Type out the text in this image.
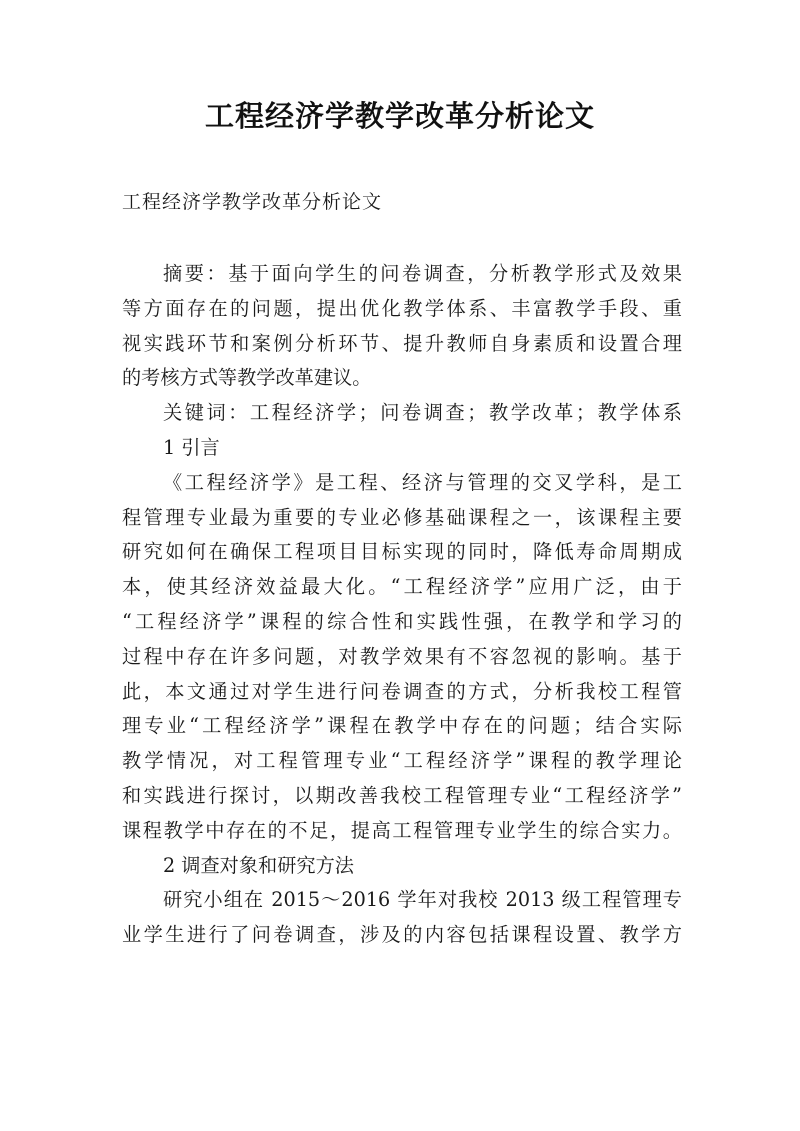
工程经济学教学改革分析论文
工程经济学教学改革分析论文
摘要：基于面向学生的问卷调查，分析教学形式及效果
等方面存在的问题，提出优化教学体系、丰富教学手段、重
视实践环节和案例分析环节、提升教师自身素质和设置合理
的考核方式等教学改革建议。
关键词：工程经济学；问卷调查；教学改革；教学体系
1 引言
《工程经济学》是工程、经济与管理的交叉学科，是工
程管理专业最为重要的专业必修基础课程之一，该课程主要
研究如何在确保工程项目目标实现的同时，降低寿命周期成
本，使其经济效益最大化。“工程经济学”应用广泛，由于
“工程经济学”课程的综合性和实践性强，在教学和学习的
过程中存在许多问题，对教学效果有不容忽视的影响。基于
此，本文通过对学生进行问卷调查的方式，分析我校工程管
理专业“工程经济学”课程在教学中存在的问题；结合实际
教学情况，对工程管理专业“工程经济学”课程的教学理论
和实践进行探讨，以期改善我校工程管理专业“工程经济学”
课程教学中存在的不足，提高工程管理专业学生的综合实力。
2 调查对象和研究方法
研究小组在 2015～2016 学年对我校 2013 级工程管理专
业学生进行了问卷调查，涉及的内容包括课程设置、教学方
